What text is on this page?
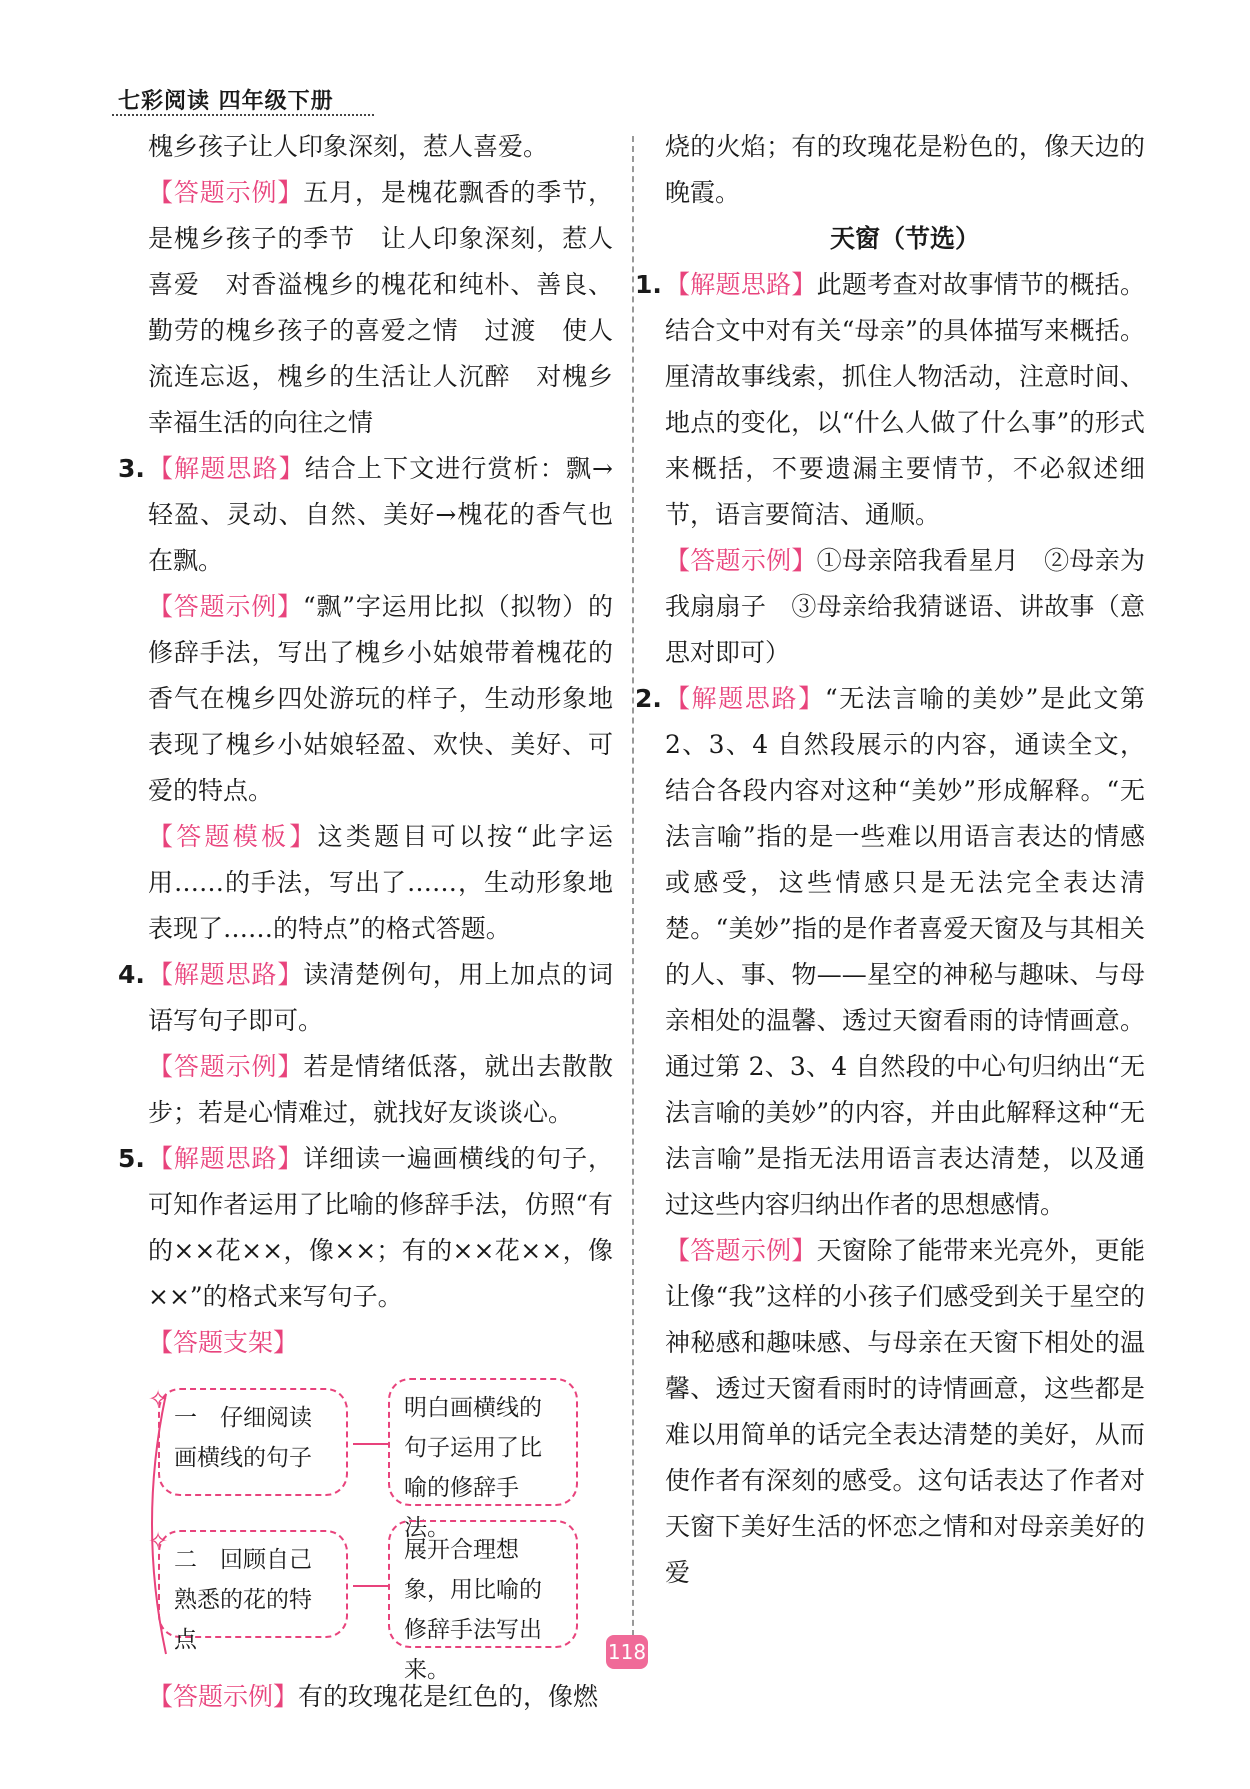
七彩阅读 四年级下册

槐乡孩子让人印象深刻，惹人喜爱。

【答题示例】五月，是槐花飘香的季节，是槐乡孩子的季节　让人印象深刻，惹人喜爱　对香溢槐乡的槐花和纯朴、善良、勤劳的槐乡孩子的喜爱之情　过渡　使人流连忘返，槐乡的生活让人沉醉　对槐乡幸福生活的向往之情

3. 【解题思路】结合上下文进行赏析：飘→轻盈、灵动、自然、美好→槐花的香气也在飘。

【答题示例】“飘”字运用比拟（拟物）的修辞手法，写出了槐乡小姑娘带着槐花的香气在槐乡四处游玩的样子，生动形象地表现了槐乡小姑娘轻盈、欢快、美好、可爱的特点。

【答题模板】这类题目可以按“此字运用……的手法，写出了……，生动形象地表现了……的特点”的格式答题。

4. 【解题思路】读清楚例句，用上加点的词语写句子即可。

【答题示例】若是情绪低落，就出去散散步；若是心情难过，就找好友谈谈心。

5. 【解题思路】详细读一遍画横线的句子，可知作者运用了比喻的修辞手法，仿照“有的××花××，像××；有的××花××，像××”的格式来写句子。

【答题支架】

✧
一　仔细阅读画横线的句子
明白画横线的句子运用了比喻的修辞手法。
✧
二　回顾自己熟悉的花的特点
展开合理想象，用比喻的修辞手法写出来。

【答题示例】有的玫瑰花是红色的，像燃

烧的火焰；有的玫瑰花是粉色的，像天边的晚霞。

天窗（节选）

1. 【解题思路】此题考查对故事情节的概括。结合文中对有关“母亲”的具体描写来概括。厘清故事线索，抓住人物活动，注意时间、地点的变化，以“什么人做了什么事”的形式来概括，不要遗漏主要情节，不必叙述细节，语言要简洁、通顺。

【答题示例】①母亲陪我看星月　②母亲为我扇扇子　③母亲给我猜谜语、讲故事（意思对即可）

2. 【解题思路】“无法言喻的美妙”是此文第 2、3、4 自然段展示的内容，通读全文，结合各段内容对这种“美妙”形成解释。“无法言喻”指的是一些难以用语言表达的情感或感受，这些情感只是无法完全表达清楚。“美妙”指的是作者喜爱天窗及与其相关的人、事、物——星空的神秘与趣味、与母亲相处的温馨、透过天窗看雨的诗情画意。通过第 2、3、4 自然段的中心句归纳出“无法言喻的美妙”的内容，并由此解释这种“无法言喻”是指无法用语言表达清楚，以及通过这些内容归纳出作者的思想感情。

【答题示例】天窗除了能带来光亮外，更能让像“我”这样的小孩子们感受到关于星空的神秘感和趣味感、与母亲在天窗下相处的温馨、透过天窗看雨时的诗情画意，这些都是难以用简单的话完全表达清楚的美好，从而使作者有深刻的感受。这句话表达了作者对天窗下美好生活的怀恋之情和对母亲美好的爱

118
